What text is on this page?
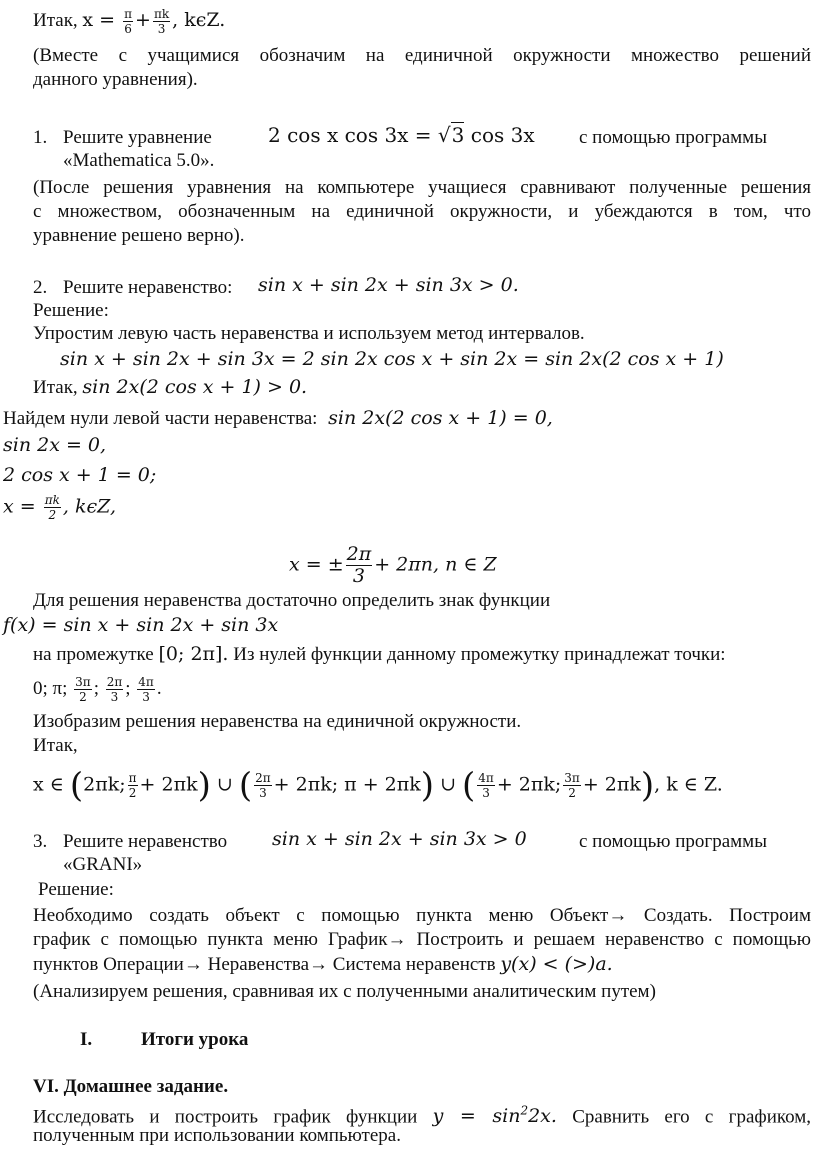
Итак, $x = \frac{\pi}{6} + \frac{\pi k}{3}$ , kϵZ.
(Вместе с учащимися обозначим на единичной окружности множество решений
данного уравнения).
1. Решите уравнение	2 cos x cos 3x = √3 cos 3x с помощью программы
«Mathematica 5.0».
(После решения уравнения на компьютере учащиеся сравнивают полученные решения
с множеством, обозначенным на единичной окружности, и убеждаются в том, что
уравнение решено верно).
2. Решите неравенство: sin x + sin 2x + sin 3x > 0.
Решение:
Упростим левую часть неравенства и используем метод интервалов.
sin x + sin 2x + sin 3x = 2 sin 2x cos x + sin 2x = sin 2x(2 cos x + 1)
Итак, sin 2x(2 cos x + 1) > 0.
Найдем нули левой части неравенства: sin 2x(2 cos x + 1) = 0,
sin 2x = 0,
2 cos x + 1 = 0;
$x = \frac{\pi k}{2}$ , kϵZ,
x = ± $\frac{2\pi}{3} + 2\pi n$, n ∈ Z
Для решения неравенства достаточно определить знак функции
f(x) = sin x + sin 2x + sin 3x
на промежутке [0; 2π]. Из нулей функции данному промежутку принадлежат точки:
0; π; $\frac{3\pi}{2}$ ; $\frac{2\pi}{3}$ ; $\frac{4\pi}{3}$ .
Изобразим решения неравенства на единичной окружности.
Итак,
x ∈ (2πk; $\frac{\pi}{2} + 2\pi k$) ∪ ( $\frac{2\pi}{3} + 2\pi k$; π + 2πk) ∪ ( $\frac{4\pi}{3} + 2\pi k$; $\frac{3\pi}{2} + 2\pi k$), k ∈ Z.
3. Решите неравенство sin x + sin 2x + sin 3x > 0	с помощью программы
«GRANI»
Решение:
Необходимо создать объект с помощью пункта меню Объект→ Создать. Построим
график с помощью пункта меню График→ Построить и решаем неравенство с помощью
пунктов Операции→ Неравенства→ Система неравенств y(x) < (>)a.
(Анализируем решения, сравнивая их с полученными аналитическим путем)
I.	Итоги урока
VI. Домашнее задание.
Исследовать и построить график функции $y = \sin^22x$. Сравнить его с графиком,
полученным при использовании компьютера.
